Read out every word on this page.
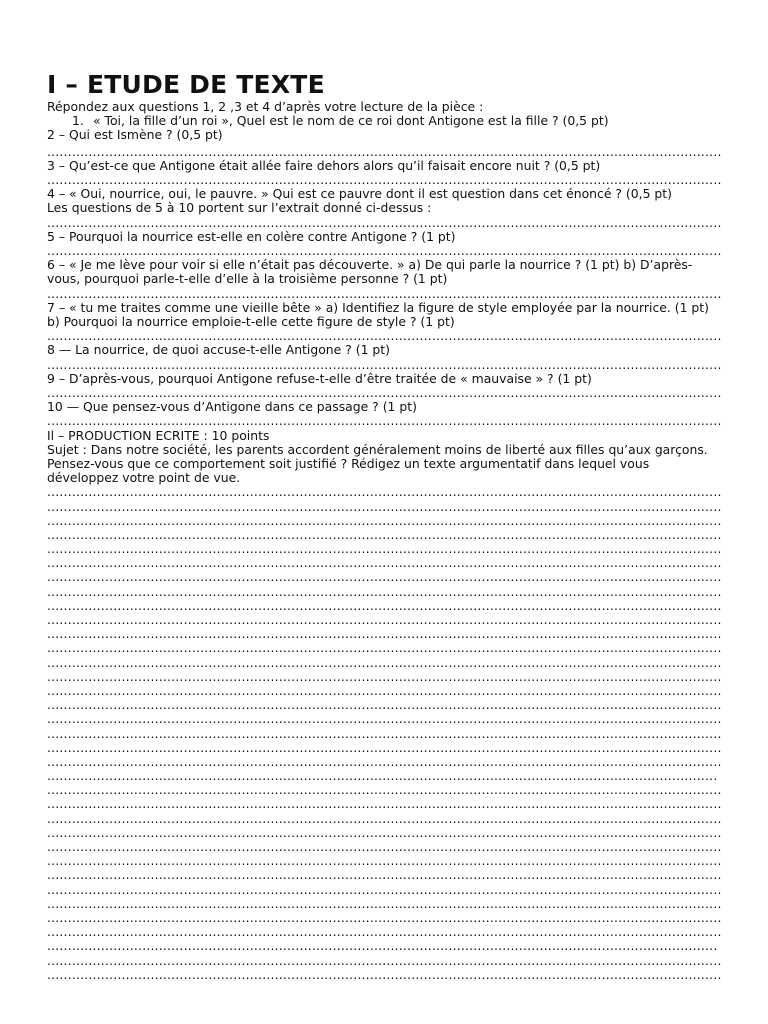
I – ETUDE DE TEXTE

Répondez aux questions 1, 2 ,3 et 4 d’après votre lecture de la pièce :

1. « Toi, la fille d’un roi », Quel est le nom de ce roi dont Antigone est la fille ? (0,5 pt)

2 – Qui est Ismène ? (0,5 pt)

.....

3 – Qu’est-ce que Antigone était allée faire dehors alors qu’il faisait encore nuit ? (0,5 pt)

.....

4 – « Oui, nourrice, oui, le pauvre. » Qui est ce pauvre dont il est question dans cet énoncé ? (0,5 pt)

Les questions de 5 à 10 portent sur l’extrait donné ci-dessus :

.....

5 – Pourquoi la nourrice est-elle en colère contre Antigone ? (1 pt)

.....

6 – « Je me lève pour voir si elle n’était pas découverte. » a) De qui parle la nourrice ? (1 pt) b) D’après-vous, pourquoi parle-t-elle d’elle à la troisième personne ? (1 pt)

.....

7 – « tu me traites comme une vieille bête » a) Identifiez la figure de style employée par la nourrice. (1 pt) b) Pourquoi la nourrice emploie-t-elle cette figure de style ? (1 pt)

.....

8 — La nourrice, de quoi accuse-t-elle Antigone ? (1 pt)

.....

9 – D’après-vous, pourquoi Antigone refuse-t-elle d’être traitée de « mauvaise » ? (1 pt)

.....

10 — Que pensez-vous d’Antigone dans ce passage ? (1 pt)

.....

Il – PRODUCTION ECRITE : 10 points

Sujet : Dans notre société, les parents accordent généralement moins de liberté aux filles qu’aux garçons. Pensez-vous que ce comportement soit justifié ? Rédigez un texte argumentatif dans lequel vous développez votre point de vue.

.....
.....
.....
.....
.....
.....
.....
.....
.....
.....
.....
.....
.....
.....
.....
.....
.....
.....
.....
.....
.....
.....
.....
.....
.....
.....
.....
.....
.....
.....
.....
.....
.....
.....
.....
